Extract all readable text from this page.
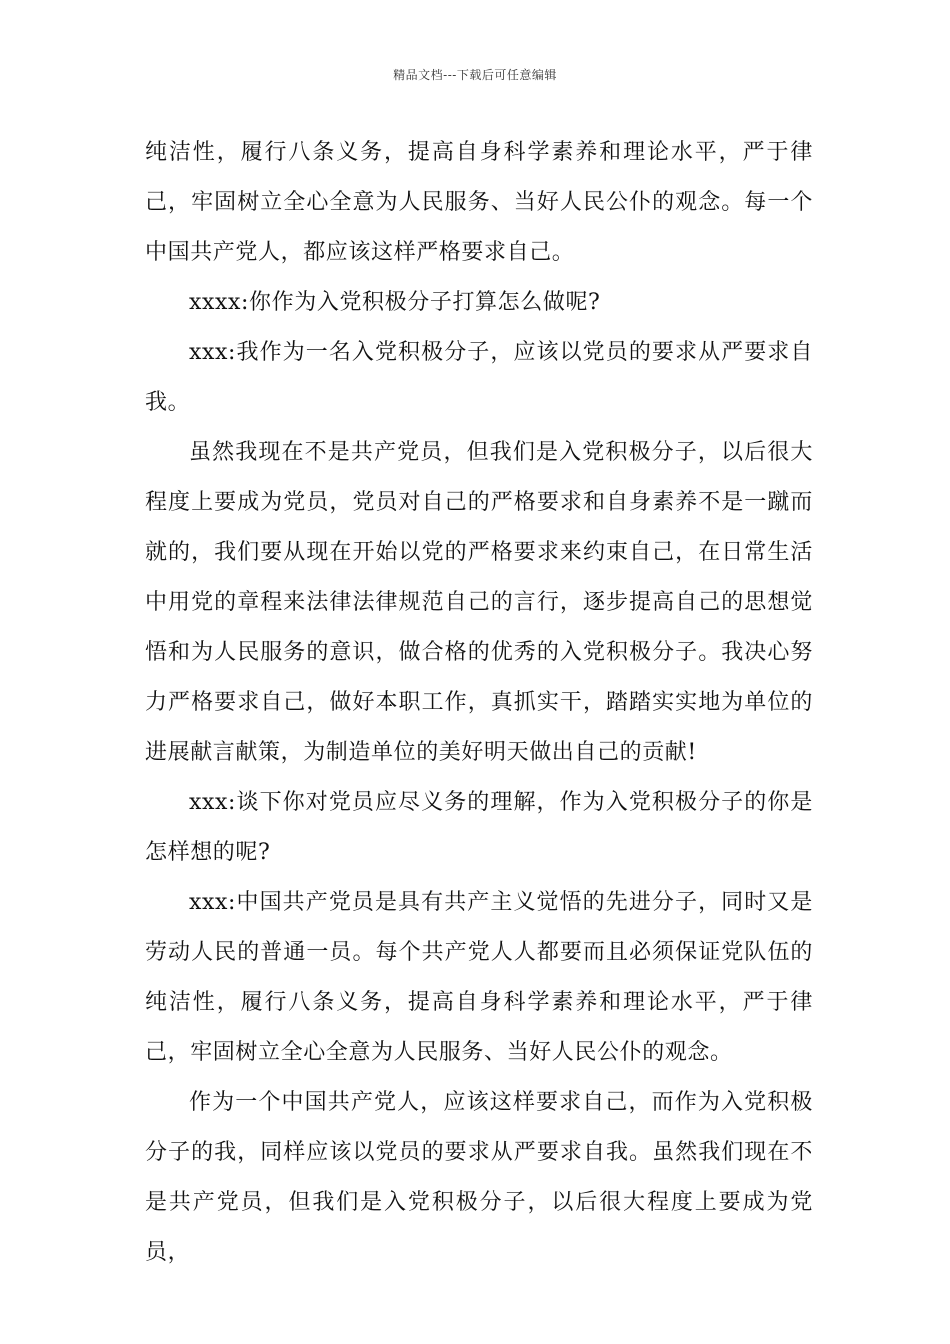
精品文档---下载后可任意编辑

纯洁性，履行八条义务，提高自身科学素养和理论水平，严于律己，牢固树立全心全意为人民服务、当好人民公仆的观念。每一个中国共产党人，都应该这样严格要求自己。

xxxx:你作为入党积极分子打算怎么做呢?

xxx:我作为一名入党积极分子，应该以党员的要求从严要求自我。

虽然我现在不是共产党员，但我们是入党积极分子，以后很大程度上要成为党员，党员对自己的严格要求和自身素养不是一蹴而就的，我们要从现在开始以党的严格要求来约束自己，在日常生活中用党的章程来法律法律规范自己的言行，逐步提高自己的思想觉悟和为人民服务的意识，做合格的优秀的入党积极分子。我决心努力严格要求自己，做好本职工作，真抓实干，踏踏实实地为单位的进展献言献策，为制造单位的美好明天做出自己的贡献!

xxx:谈下你对党员应尽义务的理解，作为入党积极分子的你是怎样想的呢?

xxx:中国共产党员是具有共产主义觉悟的先进分子，同时又是劳动人民的普通一员。每个共产党人人都要而且必须保证党队伍的纯洁性，履行八条义务，提高自身科学素养和理论水平，严于律己，牢固树立全心全意为人民服务、当好人民公仆的观念。

作为一个中国共产党人，应该这样要求自己，而作为入党积极分子的我，同样应该以党员的要求从严要求自我。虽然我们现在不是共产党员，但我们是入党积极分子，以后很大程度上要成为党员，
